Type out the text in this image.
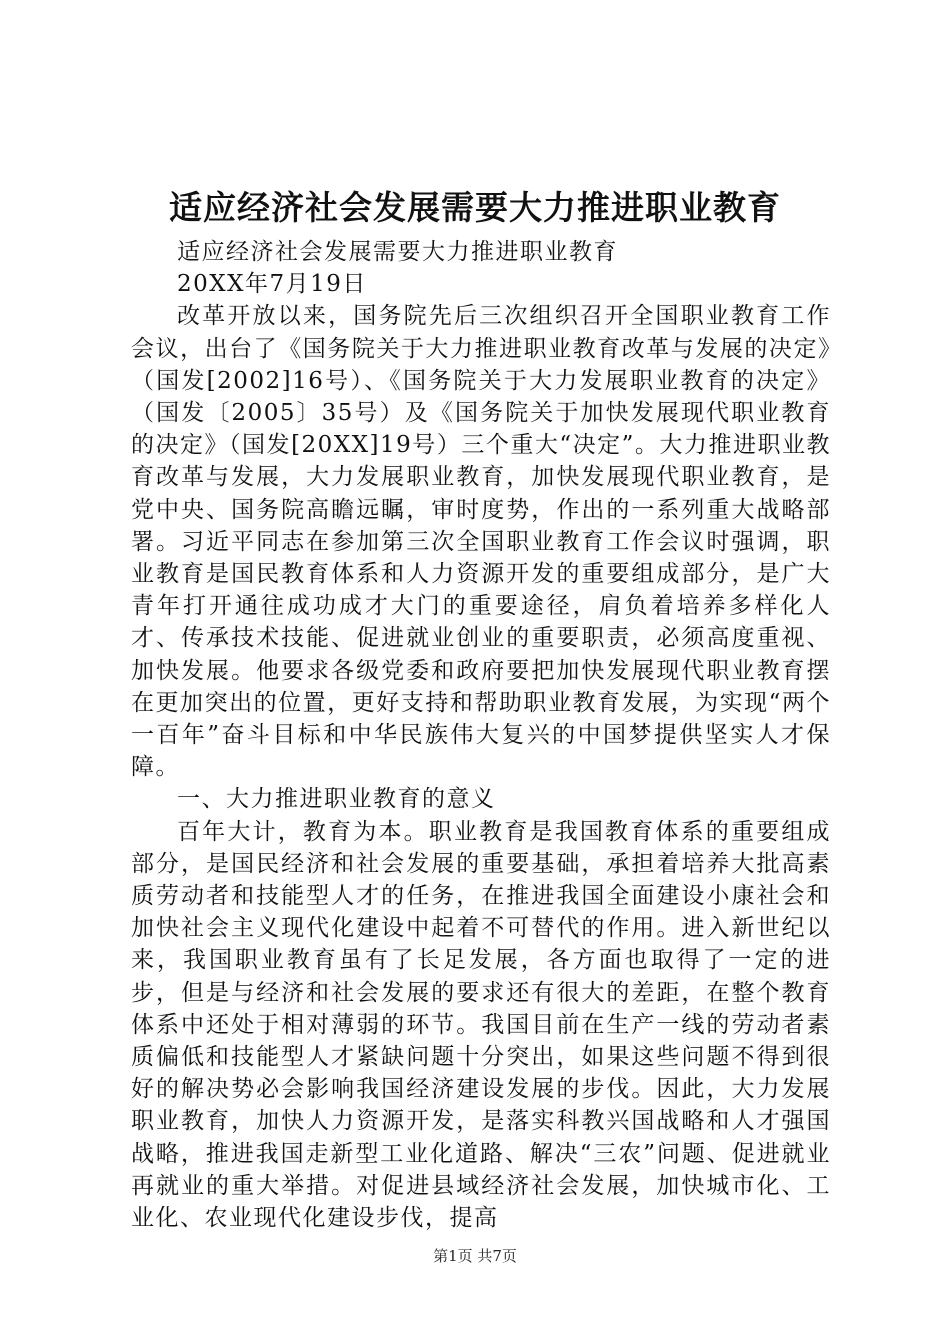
适应经济社会发展需要大力推进职业教育

适应经济社会发展需要大力推进职业教育

20XX年7月19日

改革开放以来，国务院先后三次组织召开全国职业教育工作会议，出台了《国务院关于大力推进职业教育改革与发展的决定》（国发[2002]16号）、《国务院关于大力发展职业教育的决定》（国发〔2005〕35号）及《国务院关于加快发展现代职业教育的决定》（国发[20XX]19号）三个重大“决定”。大力推进职业教育改革与发展，大力发展职业教育，加快发展现代职业教育，是党中央、国务院高瞻远瞩，审时度势，作出的一系列重大战略部署。习近平同志在参加第三次全国职业教育工作会议时强调，职业教育是国民教育体系和人力资源开发的重要组成部分，是广大青年打开通往成功成才大门的重要途径，肩负着培养多样化人才、传承技术技能、促进就业创业的重要职责，必须高度重视、加快发展。他要求各级党委和政府要把加快发展现代职业教育摆在更加突出的位置，更好支持和帮助职业教育发展，为实现“两个一百年”奋斗目标和中华民族伟大复兴的中国梦提供坚实人才保障。

一、大力推进职业教育的意义

百年大计，教育为本。职业教育是我国教育体系的重要组成部分，是国民经济和社会发展的重要基础，承担着培养大批高素质劳动者和技能型人才的任务，在推进我国全面建设小康社会和加快社会主义现代化建设中起着不可替代的作用。进入新世纪以来，我国职业教育虽有了长足发展，各方面也取得了一定的进步，但是与经济和社会发展的要求还有很大的差距，在整个教育体系中还处于相对薄弱的环节。我国目前在生产一线的劳动者素质偏低和技能型人才紧缺问题十分突出，如果这些问题不得到很好的解决势必会影响我国经济建设发展的步伐。因此，大力发展职业教育，加快人力资源开发，是落实科教兴国战略和人才强国战略，推进我国走新型工业化道路、解决“三农”问题、促进就业再就业的重大举措。对促进县域经济社会发展，加快城市化、工业化、农业现代化建设步伐，提高

第1页 共7页
